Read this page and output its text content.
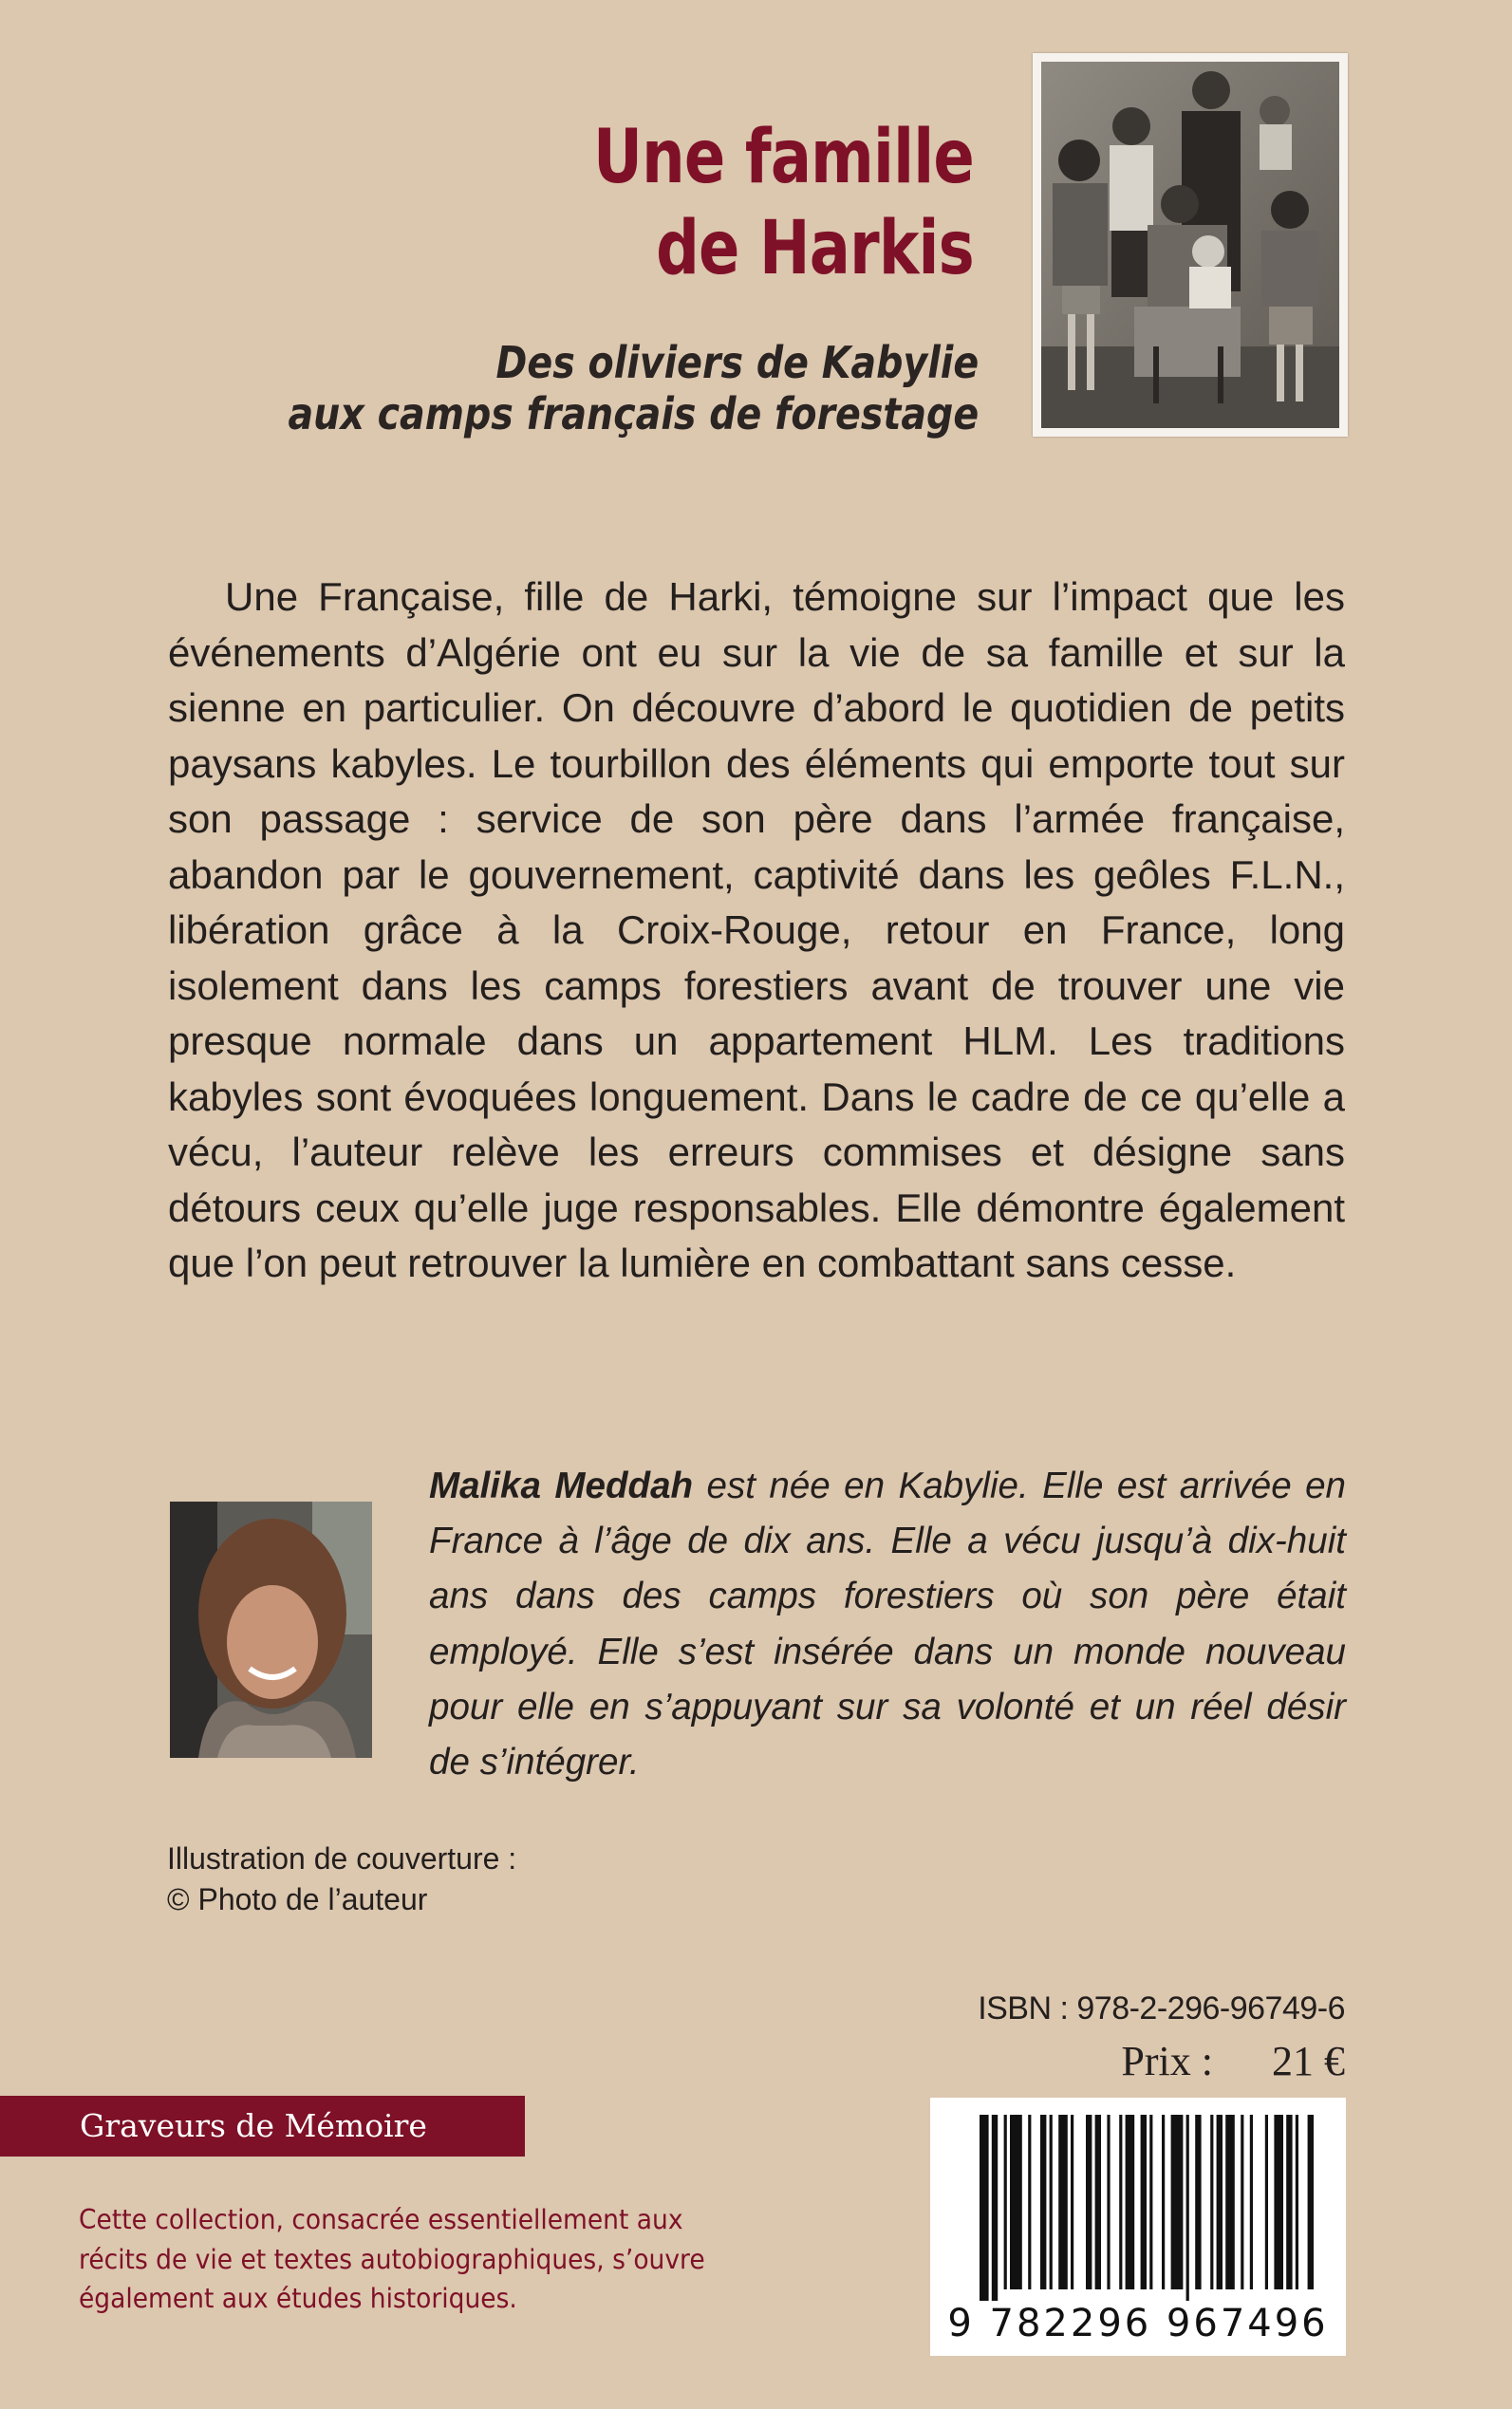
Une famille
de Harkis
Des oliviers de Kabylie
aux camps français de forestage

Une Française, fille de Harki, témoigne sur l’impact que les événements d’Algérie ont eu sur la vie de sa famille et sur la sienne en particulier. On découvre d’abord le quotidien de petits paysans kabyles. Le tourbillon des éléments qui emporte tout sur son passage : service de son père dans l’armée française, abandon par le gouvernement, captivité dans les geôles F.L.N., libération grâce à la Croix-Rouge, retour en France, long isolement dans les camps forestiers avant de trouver une vie presque normale dans un appartement HLM. Les traditions kabyles sont évoquées longuement. Dans le cadre de ce qu’elle a vécu, l’auteur relève les erreurs commises et désigne sans détours ceux qu’elle juge responsables. Elle démontre également que l’on peut retrouver la lumière en combattant sans cesse.

Malika Meddah est née en Kabylie. Elle est arrivée en France à l’âge de dix ans. Elle a vécu jusqu’à dix-huit ans dans des camps forestiers où son père était employé. Elle s’est insérée dans un monde nouveau pour elle en s’appuyant sur sa volonté et un réel désir de s’intégrer.

Illustration de couverture :
© Photo de l’auteur

ISBN : 978-2-296-96749-6
Prix : 21 €
Graveurs de Mémoire

Cette collection, consacrée essentiellement aux récits de vie et textes autobiographiques, s’ouvre également aux études historiques.

9 782296 967496
